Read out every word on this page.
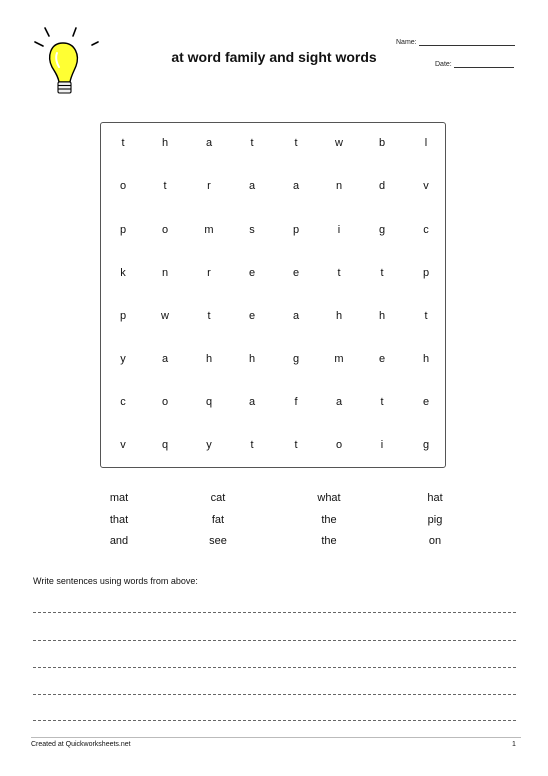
at word family and sight words
Name:
Date:
t	h	a	t	t	w	b	l
o	t	r	a	a	n	d	v
p	o	m	s	p	i	g	c
k	n	r	e	e	t	t	p
p	w	t	e	a	h	h	t
y	a	h	h	g	m	e	h
c	o	q	a	f	a	t	e
v	q	y	t	t	o	i	g
mat	cat	what	hat
that	fat	the	pig
and	see	the	on
Write sentences using words from above:
Created at Quickworksheets.net	1
